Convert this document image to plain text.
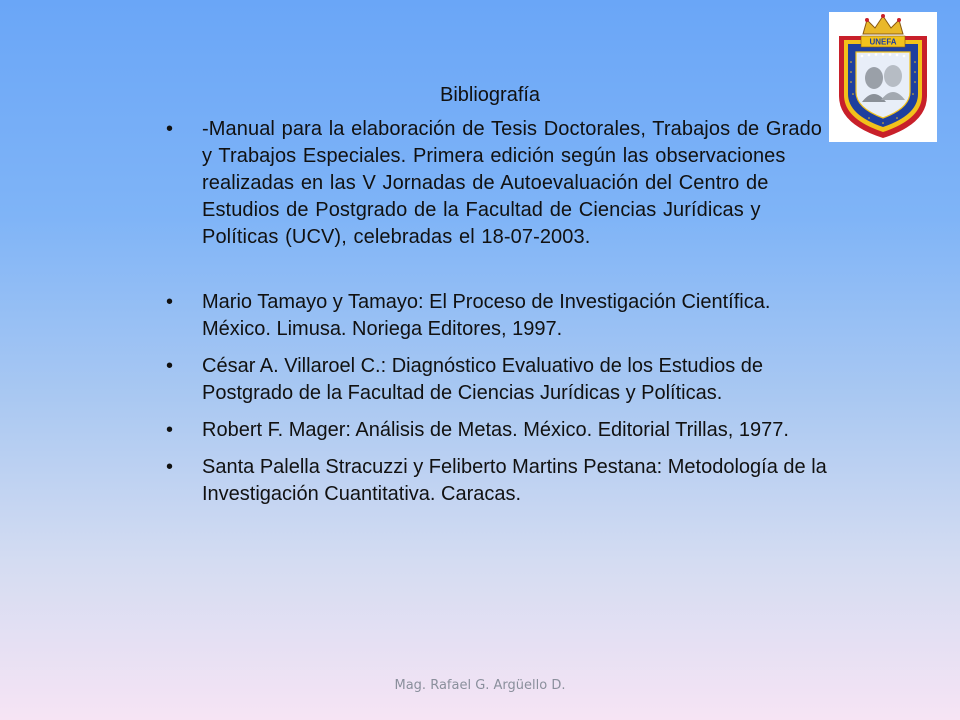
Bibliografía
• -Manual para la elaboración de Tesis Doctorales, Trabajos de Grado y Trabajos Especiales. Primera edición según las observaciones realizadas en las V Jornadas de Autoevaluación del Centro de Estudios de Postgrado de la Facultad de Ciencias Jurídicas y Políticas (UCV), celebradas el 18-07-2003.
• Mario Tamayo y Tamayo: El Proceso de Investigación Científica. México. Limusa. Noriega Editores, 1997.
• César A. Villaroel C.: Diagnóstico Evaluativo de los Estudios de Postgrado de la Facultad de Ciencias Jurídicas y Políticas.
• Robert F. Mager: Análisis de Metas. México. Editorial Trillas, 1977.
• Santa Palella Stracuzzi y Feliberto Martins Pestana: Metodología de la Investigación Cuantitativa. Caracas.
UNEFA
Mag. Rafael G. Argüello D.
